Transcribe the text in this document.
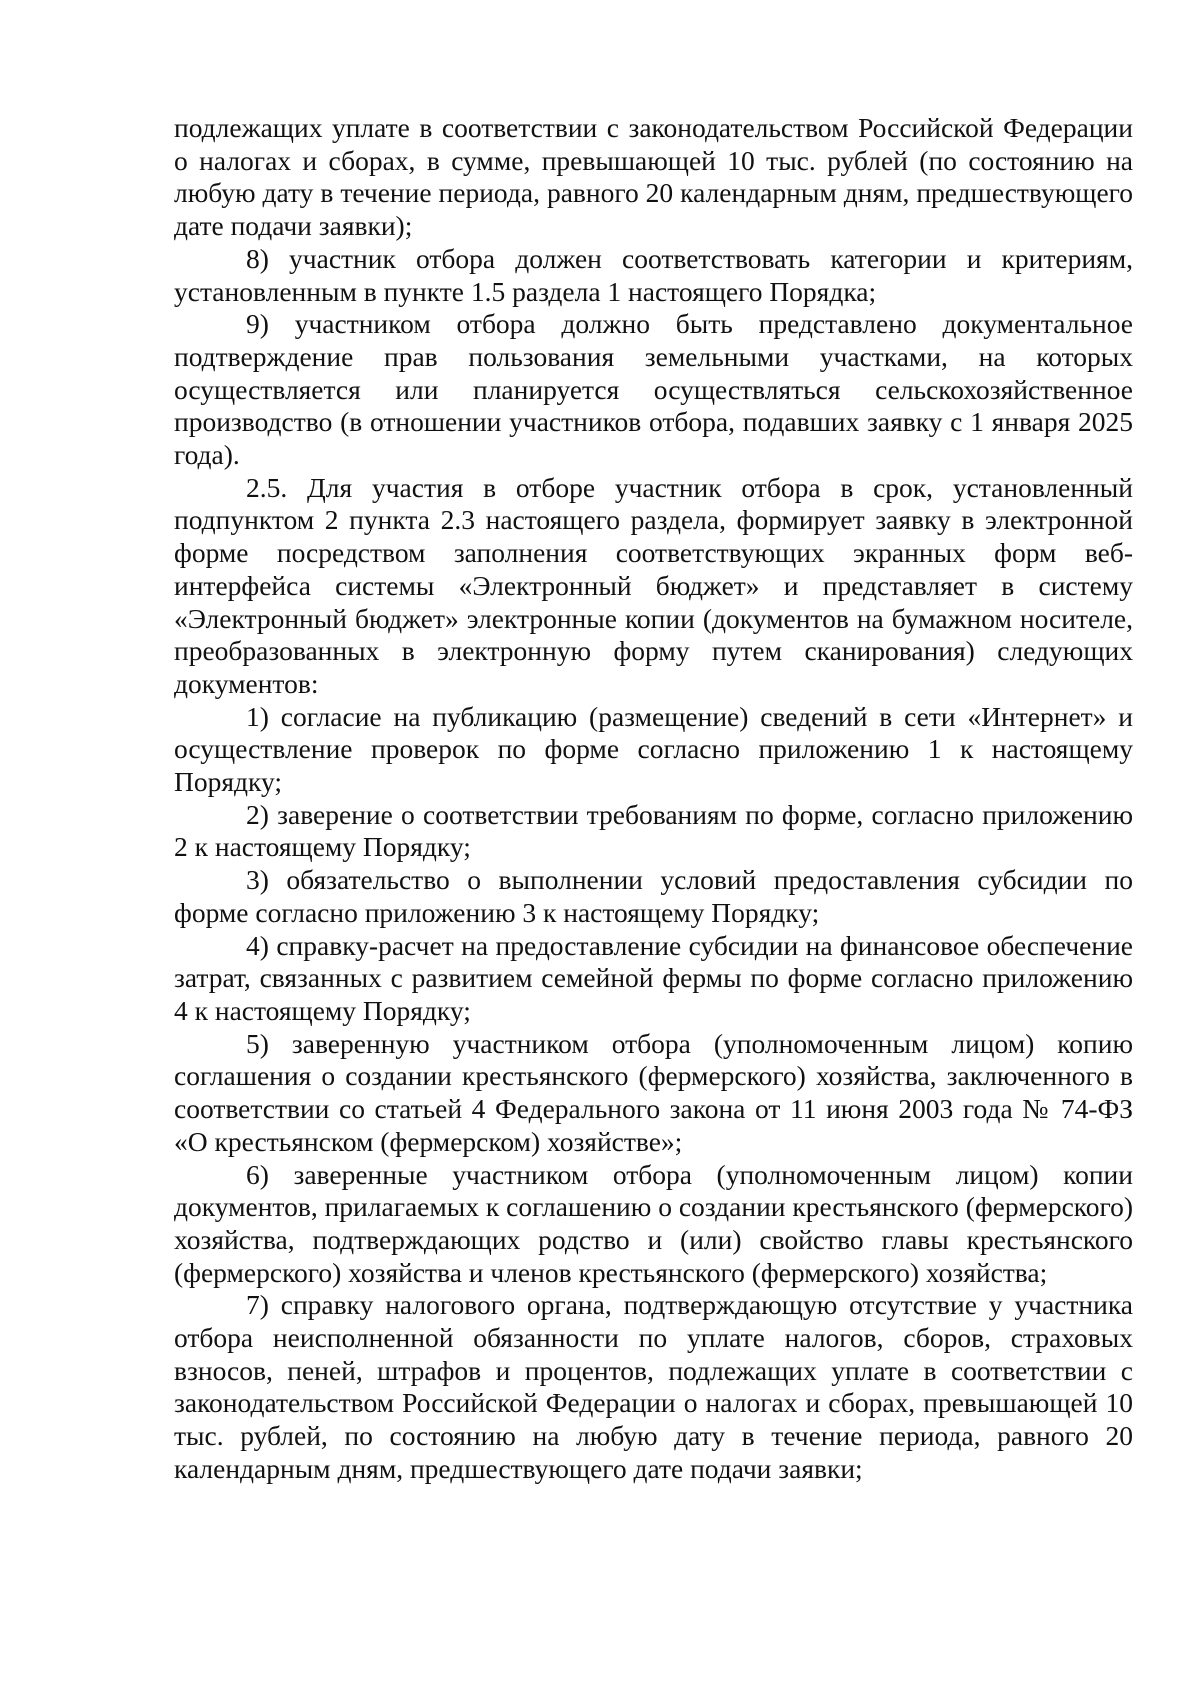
подлежащих уплате в соответствии с законодательством Российской Федерации о налогах и сборах, в сумме, превышающей 10 тыс. рублей (по состоянию на любую дату в течение периода, равного 20 календарным дням, предшествующего дате подачи заявки);

8) участник отбора должен соответствовать категории и критериям, установленным в пункте 1.5 раздела 1 настоящего Порядка;

9) участником отбора должно быть представлено документальное подтверждение прав пользования земельными участками, на которых осуществляется или планируется осуществляться сельскохозяйственное производство (в отношении участников отбора, подавших заявку с 1 января 2025 года).

2.5. Для участия в отборе участник отбора в срок, установленный подпунктом 2 пункта 2.3 настоящего раздела, формирует заявку в электронной форме посредством заполнения соответствующих экранных форм веб-интерфейса системы «Электронный бюджет» и представляет в систему «Электронный бюджет» электронные копии (документов на бумажном носителе, преобразованных в электронную форму путем сканирования) следующих документов:

1) согласие на публикацию (размещение) сведений в сети «Интернет» и осуществление проверок по форме согласно приложению 1 к настоящему Порядку;

2) заверение о соответствии требованиям по форме, согласно приложению 2 к настоящему Порядку;

3) обязательство о выполнении условий предоставления субсидии по форме согласно приложению 3 к настоящему Порядку;

4) справку-расчет на предоставление субсидии на финансовое обеспечение затрат, связанных с развитием семейной фермы по форме согласно приложению 4 к настоящему Порядку;

5) заверенную участником отбора (уполномоченным лицом) копию соглашения о создании крестьянского (фермерского) хозяйства, заключенного в соответствии со статьей 4 Федерального закона от 11 июня 2003 года № 74-ФЗ «О крестьянском (фермерском) хозяйстве»;

6) заверенные участником отбора (уполномоченным лицом) копии документов, прилагаемых к соглашению о создании крестьянского (фермерского) хозяйства, подтверждающих родство и (или) свойство главы крестьянского (фермерского) хозяйства и членов крестьянского (фермерского) хозяйства;

7) справку налогового органа, подтверждающую отсутствие у участника отбора неисполненной обязанности по уплате налогов, сборов, страховых взносов, пеней, штрафов и процентов, подлежащих уплате в соответствии с законодательством Российской Федерации о налогах и сборах, превышающей 10 тыс. рублей, по состоянию на любую дату в течение периода, равного 20 календарным дням, предшествующего дате подачи заявки;
